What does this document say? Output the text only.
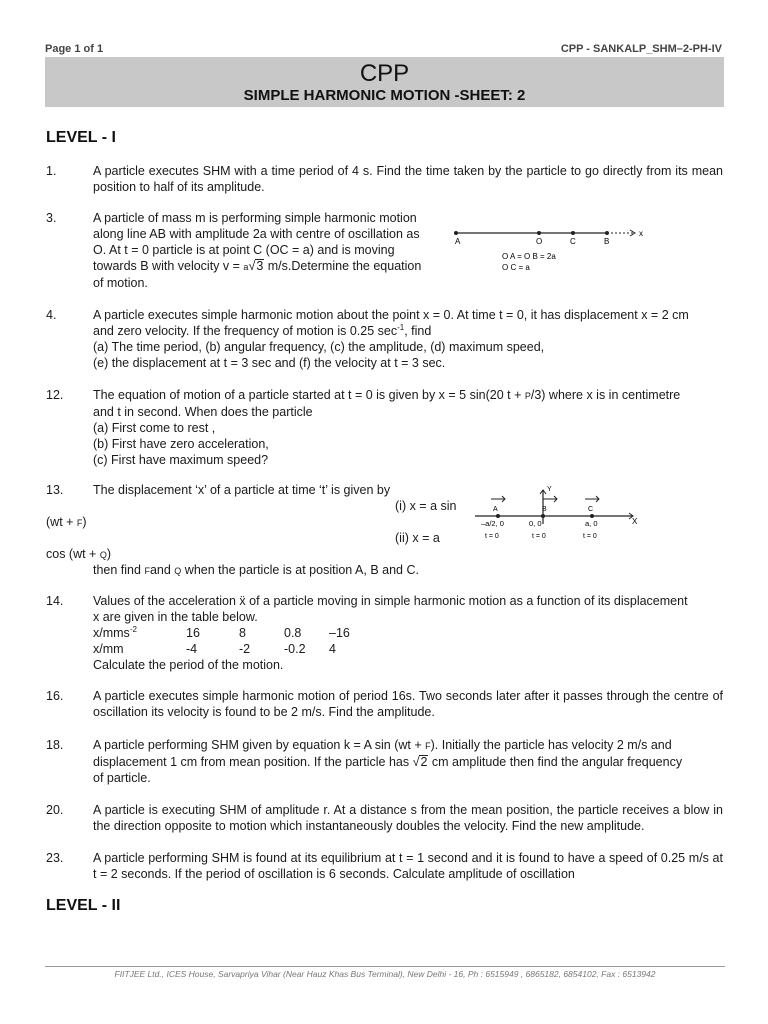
Page 1 of 1	CPP - SANKALP_SHM–2-PH-IV
CPP
SIMPLE HARMONIC MOTION -SHEET: 2
LEVEL - I
1.	A particle executes SHM with a time period of 4 s. Find the time taken by the particle to go directly from its mean position to half of its amplitude.
3.	A particle of mass m is performing simple harmonic motion
along line AB with amplitude 2a with centre of oscillation as
O. At t = 0 particle is at point C (OC = a) and is moving
towards B with velocity v = a√3 m/s.Determine the equation
of motion.
A	O	C	B
x
O A = O B = 2a
O C = a
4.	A particle executes simple harmonic motion about the point x = 0. At time t = 0, it has displacement x = 2 cm
and zero velocity. If the frequency of motion is 0.25 $\sec^{-1}$, find
(a) The time period, (b) angular frequency, (c) the amplitude, (d) maximum speed,
(e) the displacement at t = 3 sec and (f) the velocity at t = 3 sec.
12. The equation of motion of a particle started at t = 0 is given by x = 5 sin(20 t + P/3) where x is in centimetre
and t in second. When does the particle
(a) First come to rest ,
(b) First have zero acceleration,
(c) First have maximum speed?
13. The displacement ‘x’ of a particle at time ‘t’ is given by
(i) x = a sin
(wt + F)
(ii) x = a
cos (wt + Q)
then find Fand Q when the particle is at position A, B and C.
Y
X
A	B	C
–a/2, 0	0, 0	a, 0
t = 0	t = 0	t = 0
14. Values of the acceleration ẍ of a particle moving in simple harmonic motion as a function of its displacement
x are given in the table below.
x/mms$^{-2}$	16	8	0.8	–16
x/mm	-4	-2	-0.2	4
Calculate the period of the motion.
16. A particle executes simple harmonic motion of period 16s. Two seconds later after it passes through the centre of oscillation its velocity is found to be 2 m/s. Find the amplitude.
18. A particle performing SHM given by equation k = A sin (wt + F). Initially the particle has velocity 2 m/s and
displacement 1 cm from mean position. If the particle has √2 cm amplitude then find the angular frequency
of particle.
20. A particle is executing SHM of amplitude r. At a distance s from the mean position, the particle receives a blow in the direction opposite to motion which instantaneously doubles the velocity. Find the new amplitude.
23. A particle performing SHM is found at its equilibrium at t = 1 second and it is found to have a speed of 0.25 m/s at t = 2 seconds. If the period of oscillation is 6 seconds. Calculate amplitude of oscillation
LEVEL - II
FIITJEE Ltd., ICES House, Sarvapriya Vihar (Near Hauz Khas Bus Terminal), New Delhi - 16, Ph : 6515949 , 6865182, 6854102, Fax : 6513942
